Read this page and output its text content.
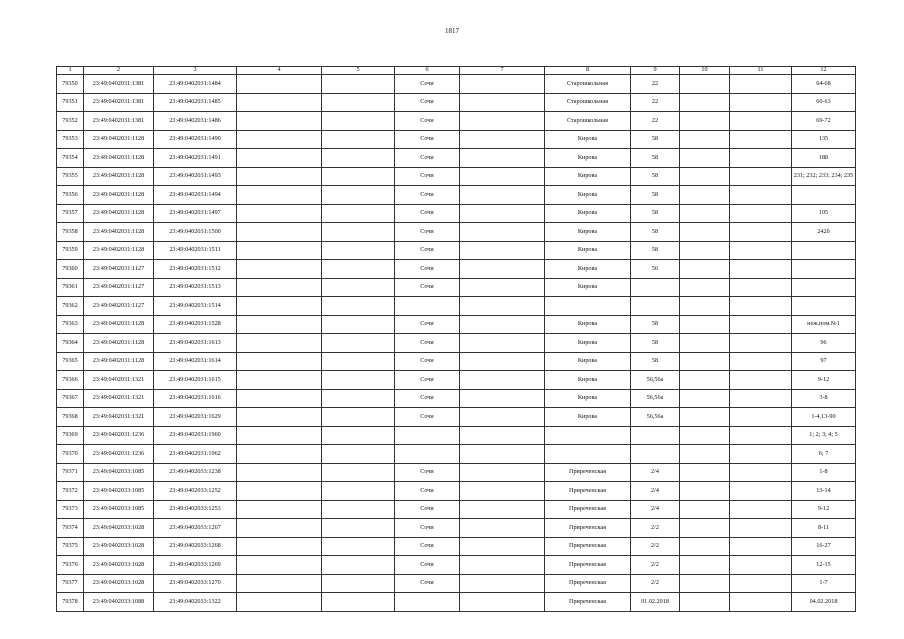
1817
1	2	3	4	5	6	7	8	9	10	11	12
79350	23:49:0402031:1381	23:49:0402031:1484			Сочи		Старошкольная	22			64-68
79351	23:49:0402031:1381	23:49:0402031:1485			Сочи		Старошкольная	22			60-63
79352	23:49:0402031:1381	23:49:0402031:1486			Сочи		Старошкольная	22			69-72
79353	23:49:0402031:1128	23:49:0402031:1490			Сочи		Кирова	58			135
79354	23:49:0402031:1128	23:49:0402031:1491			Сочи		Кирова	58			188
79355	23:49:0402031:1128	23:49:0402031:1493			Сочи		Кирова	58			231; 232; 233; 234; 235
79356	23:49:0402031:1128	23:49:0402031:1494			Сочи		Кирова	58			
79357	23:49:0402031:1128	23:49:0402031:1497			Сочи		Кирова	58			105
79358	23:49:0402031:1128	23:49:0402031:1500			Сочи		Кирова	58			242б
79359	23:49:0402031:1128	23:49:0402031:1511			Сочи		Кирова	58			
79360	23:49:0402031:1127	23:49:0402031:1512			Сочи		Кирова	56			
79361	23:49:0402031:1127	23:49:0402031:1513			Сочи		Кирова				
79362	23:49:0402031:1127	23:49:0402031:1514									
79363	23:49:0402031:1128	23:49:0402031:1528			Сочи		Кирова	58			неж.пом.№1
79364	23:49:0402031:1128	23:49:0402031:1613			Сочи		Кирова	58			96
79365	23:49:0402031:1128	23:49:0402031:1614			Сочи		Кирова	58			97
79366	23:49:0402031:1321	23:49:0402031:1615			Сочи		Кирова	56,56а			9-12
79367	23:49:0402031:1321	23:49:0402031:1616			Сочи		Кирова	56,56а			3-8
79368	23:49:0402031:1321	23:49:0402031:1629			Сочи		Кирова	56,56а			1-4,13-90
79369	23:49:0402031:1236	23:49:0402031:1960									1; 2; 3; 4; 5
79370	23:49:0402031:1236	23:49:0402031:1962									6; 7
79371	23:49:0402033:1085	23:49:0402033:1238			Сочи		Приреченская	2/4			1-8
79372	23:49:0402033:1085	23:49:0402033:1252			Сочи		Приреченская	2/4			13-14
79373	23:49:0402033:1085	23:49:0402033:1253			Сочи		Приреченская	2/4			9-12
79374	23:49:0402033:1028	23:49:0402033:1267			Сочи		Приреченская	2/2			8-11
79375	23:49:0402033:1028	23:49:0402033:1268			Сочи		Приреченская	2/2			16-27
79376	23:49:0402033:1028	23:49:0402033:1269			Сочи		Приреченская	2/2			12-15
79377	23:49:0402033:1028	23:49:0402033:1270			Сочи		Приреченская	2/2			1-7
79378	23:49:0402033:1088	23:49:0402033:1322					Приреченская	01.02.2018			04.02.2018
